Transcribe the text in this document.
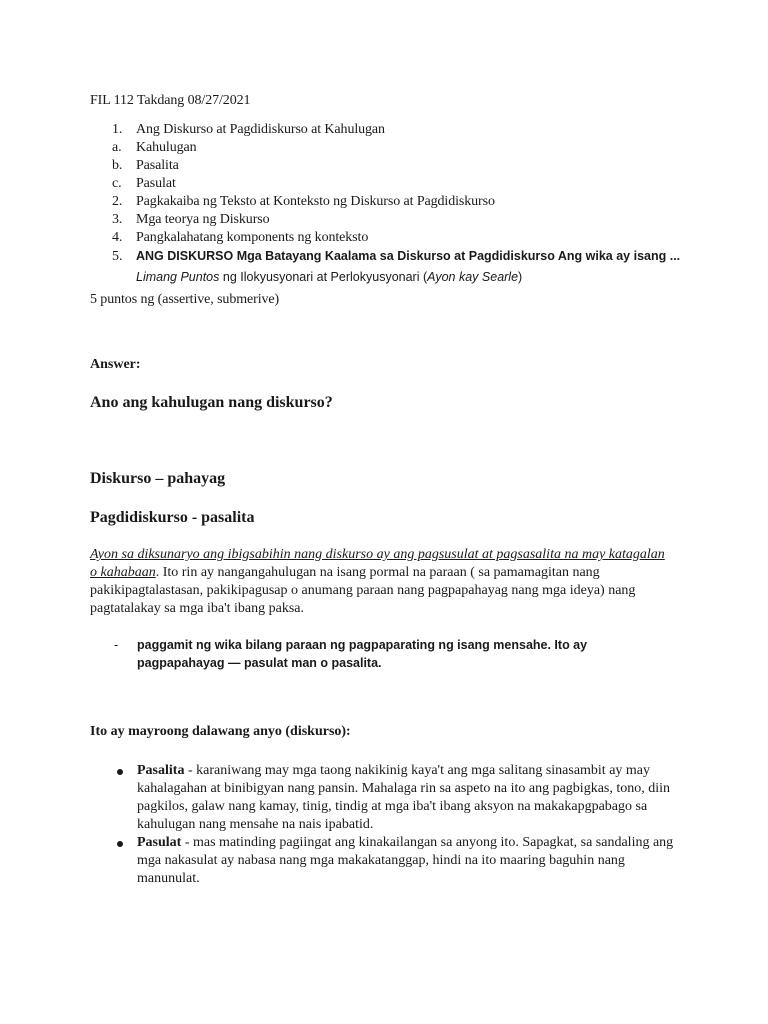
FIL 112 Takdang 08/27/2021
1. Ang Diskurso at Pagdidiskurso at Kahulugan
a. Kahulugan
b. Pasalita
c. Pasulat
2. Pagkakaiba ng Teksto at Konteksto ng Diskurso at Pagdidiskurso
3. Mga teorya ng Diskurso
4. Pangkalahatang komponents ng konteksto
5. ANG DISKURSO Mga Batayang Kaalama sa Diskurso at Pagdidiskurso Ang wika ay isang ...
Limang Puntos ng Ilokyusyonari at Perlokyusyonari (Ayon kay Searle)
5 puntos ng (assertive, submerive)
Answer:
Ano ang kahulugan nang diskurso?
Diskurso – pahayag
Pagdidiskurso - pasalita
Ayon sa diksunaryo ang ibigsabihin nang diskurso ay ang pagsusulat at pagsasalita na may katagalan o kahabaan. Ito rin ay nangangahulugan na isang pormal na paraan ( sa pamamagitan nang pakikipagtalastasan, pakikipagusap o anumang paraan nang pagpapahayag nang mga ideya) nang pagtatalakay sa mga iba't ibang paksa.
- paggamit ng wika bilang paraan ng pagpaparating ng isang mensahe. Ito ay pagpapahayag — pasulat man o pasalita.
Ito ay mayroong dalawang anyo (diskurso):
Pasalita - karaniwang may mga taong nakikinig kaya't ang mga salitang sinasambit ay may kahalagahan at binibigyan nang pansin. Mahalaga rin sa aspeto na ito ang pagbigkas, tono, diin pagkilos, galaw nang kamay, tinig, tindig at mga iba't ibang aksyon na makakapgpabago sa kahulugan nang mensahe na nais ipabatid.
Pasulat - mas matinding pagiingat ang kinakailangan sa anyong ito. Sapagkat, sa sandaling ang mga nakasulat ay nabasa nang mga makakatanggap, hindi na ito maaring baguhin nang manunulat.
